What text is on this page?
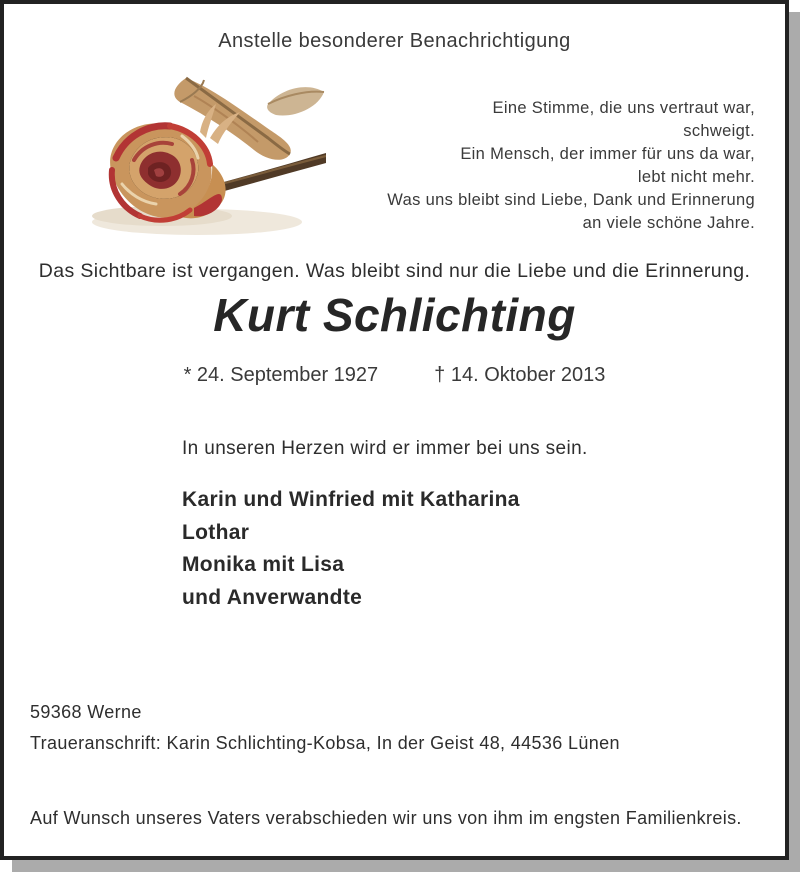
Anstelle besonderer Benachrichtigung
Eine Stimme, die uns vertraut war,
schweigt.
Ein Mensch, der immer für uns da war,
lebt nicht mehr.
Was uns bleibt sind Liebe, Dank und Erinnerung
an viele schöne Jahre.
Das Sichtbare ist vergangen. Was bleibt sind nur die Liebe und die Erinnerung.
Kurt Schlichting
* 24. September 1927	† 14. Oktober 2013
In unseren Herzen wird er immer bei uns sein.
Karin und Winfried mit Katharina
Lothar
Monika mit Lisa
und Anverwandte
59368 Werne
Traueranschrift: Karin Schlichting-Kobsa, In der Geist 48, 44536 Lünen
Auf Wunsch unseres Vaters verabschieden wir uns von ihm im engsten Familienkreis.
